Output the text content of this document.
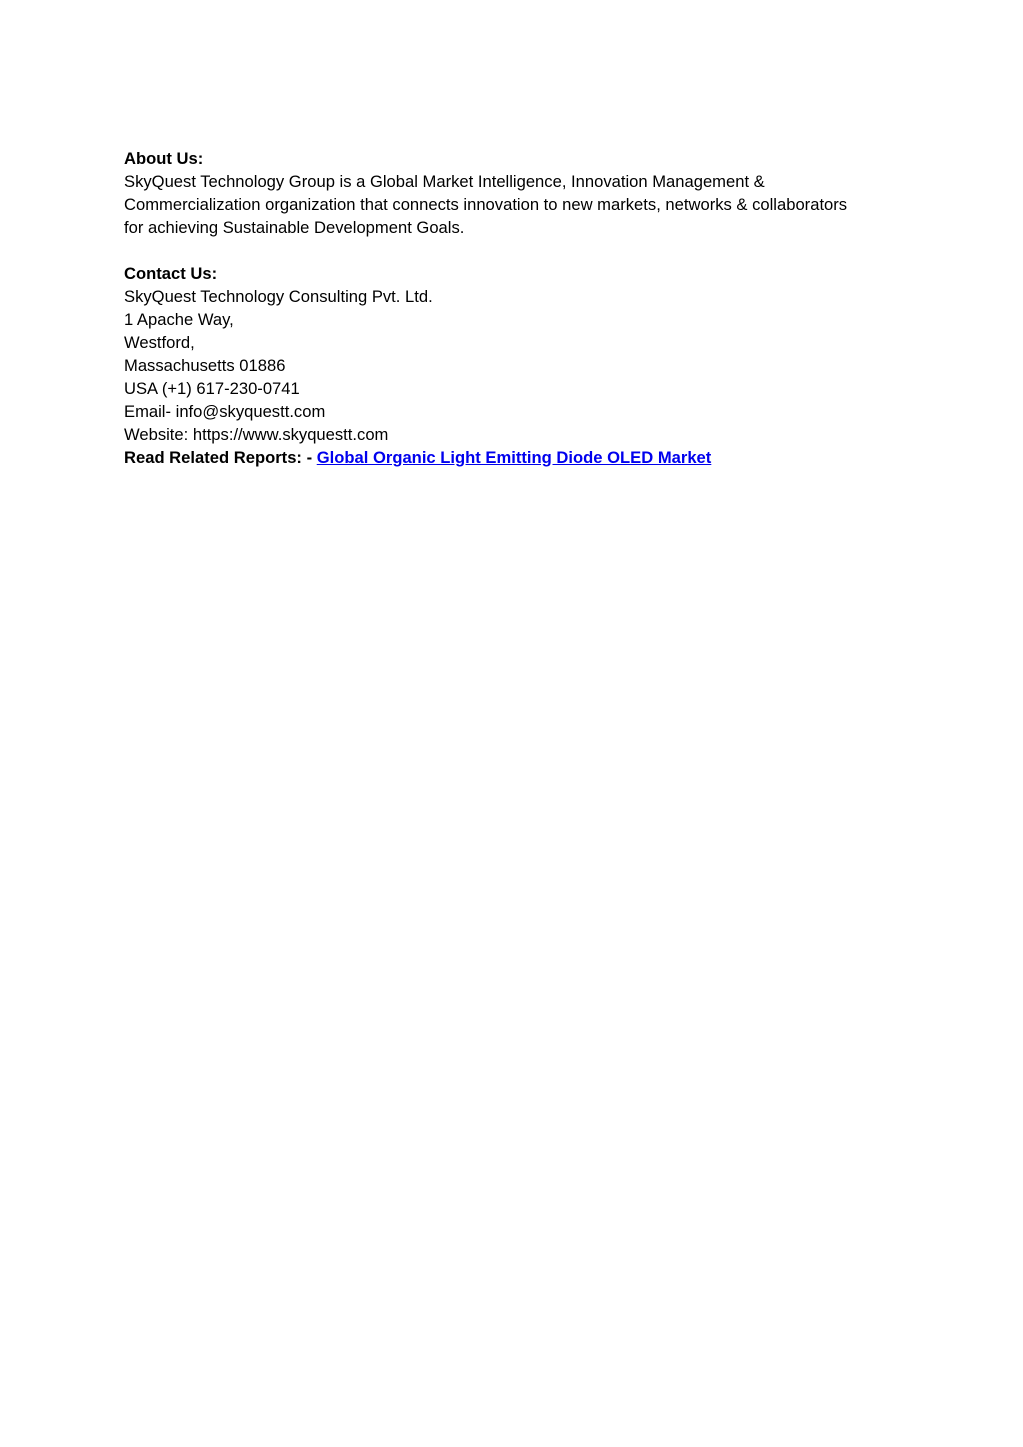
About Us:
SkyQuest Technology Group is a Global Market Intelligence, Innovation Management &
Commercialization organization that connects innovation to new markets, networks & collaborators
for achieving Sustainable Development Goals.
Contact Us:
SkyQuest Technology Consulting Pvt. Ltd.
1 Apache Way,
Westford,
Massachusetts 01886
USA (+1) 617-230-0741
Email- info@skyquestt.com
Website: https://www.skyquestt.com
Read Related Reports: - Global Organic Light Emitting Diode OLED Market
